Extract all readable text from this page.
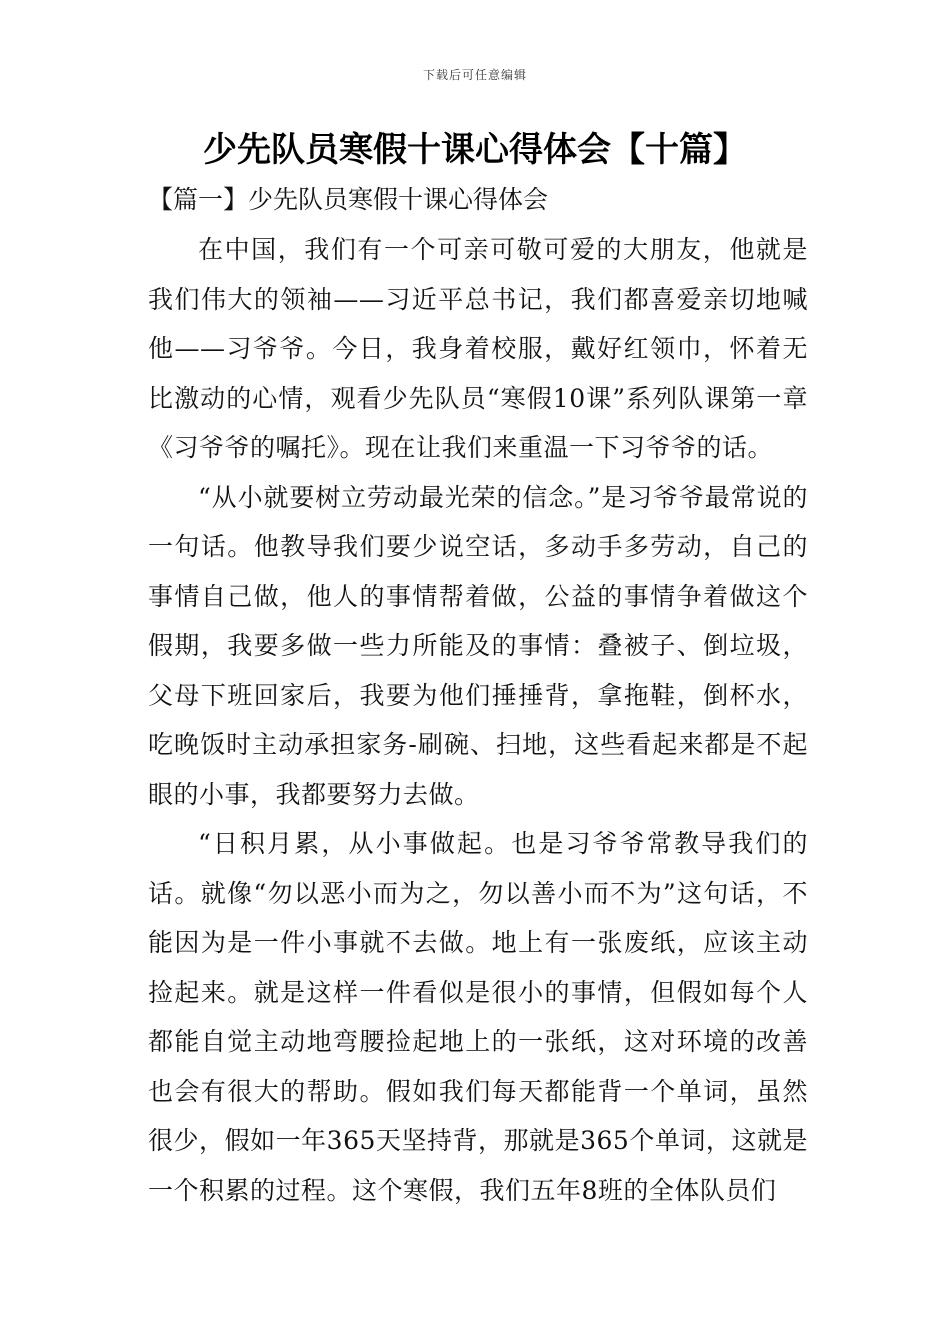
下载后可任意编辑
少先队员寒假十课心得体会【十篇】
【篇一】少先队员寒假十课心得体会

在中国，我们有一个可亲可敬可爱的大朋友，他就是我们伟大的领袖——习近平总书记，我们都喜爱亲切地喊他——习爷爷。今日，我身着校服，戴好红领巾，怀着无比激动的心情，观看少先队员“寒假10课”系列队课第一章《习爷爷的嘱托》。现在让我们来重温一下习爷爷的话。

“从小就要树立劳动最光荣的信念。”是习爷爷最常说的一句话。他教导我们要少说空话，多动手多劳动，自己的事情自己做，他人的事情帮着做，公益的事情争着做这个假期，我要多做一些力所能及的事情：叠被子、倒垃圾，父母下班回家后，我要为他们捶捶背，拿拖鞋，倒杯水，吃晚饭时主动承担家务-刷碗、扫地，这些看起来都是不起眼的小事，我都要努力去做。

“日积月累，从小事做起。也是习爷爷常教导我们的话。就像“勿以恶小而为之，勿以善小而不为”这句话，不能因为是一件小事就不去做。地上有一张废纸，应该主动捡起来。就是这样一件看似是很小的事情，但假如每个人都能自觉主动地弯腰捡起地上的一张纸，这对环境的改善也会有很大的帮助。假如我们每天都能背一个单词，虽然很少，假如一年365天坚持背，那就是365个单词，这就是一个积累的过程。这个寒假，我们五年8班的全体队员们
